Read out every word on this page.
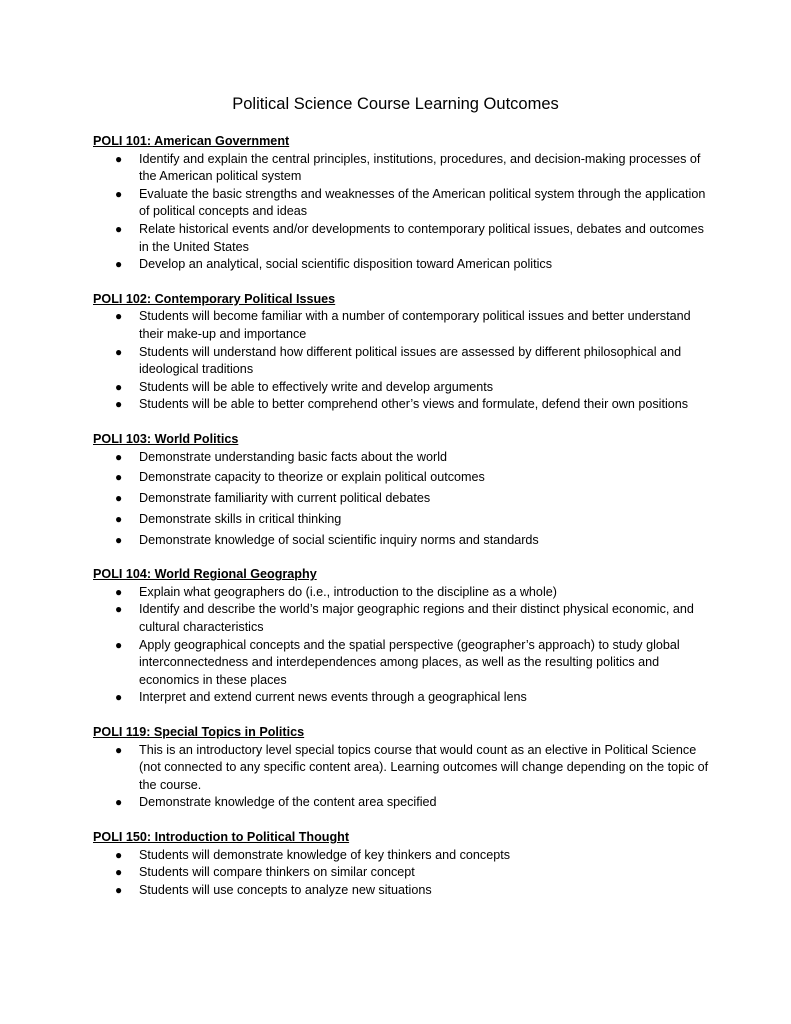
Political Science Course Learning Outcomes

POLI 101: American Government

● Identify and explain the central principles, institutions, procedures, and decision-making processes of the American political system
● Evaluate the basic strengths and weaknesses of the American political system through the application of political concepts and ideas
● Relate historical events and/or developments to contemporary political issues, debates and outcomes in the United States
● Develop an analytical, social scientific disposition toward American politics

POLI 102: Contemporary Political Issues

● Students will become familiar with a number of contemporary political issues and better understand their make-up and importance
● Students will understand how different political issues are assessed by different philosophical and ideological traditions
● Students will be able to effectively write and develop arguments
● Students will be able to better comprehend other’s views and formulate, defend their own positions

POLI 103: World Politics

● Demonstrate understanding basic facts about the world
● Demonstrate capacity to theorize or explain political outcomes
● Demonstrate familiarity with current political debates
● Demonstrate skills in critical thinking
● Demonstrate knowledge of social scientific inquiry norms and standards

POLI 104: World Regional Geography

● Explain what geographers do (i.e., introduction to the discipline as a whole)
● Identify and describe the world’s major geographic regions and their distinct physical economic, and cultural characteristics
● Apply geographical concepts and the spatial perspective (geographer’s approach) to study global interconnectedness and interdependences among places, as well as the resulting politics and economics in these places
● Interpret and extend current news events through a geographical lens

POLI 119: Special Topics in Politics

● This is an introductory level special topics course that would count as an elective in Political Science (not connected to any specific content area). Learning outcomes will change depending on the topic of the course.
● Demonstrate knowledge of the content area specified

POLI 150: Introduction to Political Thought

● Students will demonstrate knowledge of key thinkers and concepts
● Students will compare thinkers on similar concept
● Students will use concepts to analyze new situations
